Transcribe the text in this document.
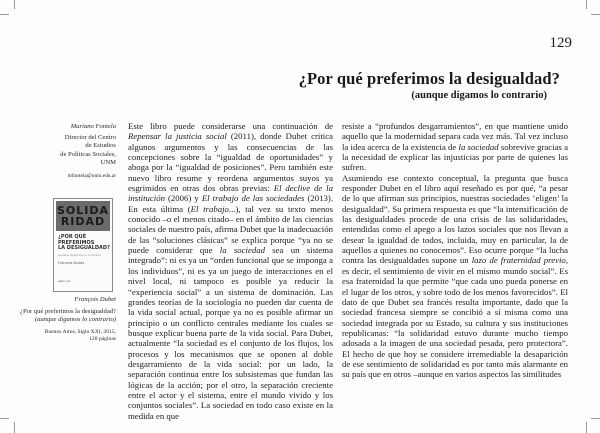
129
¿Por qué preferimos la desigualdad?
(aunque digamos lo contrario)
Mariano Fontela
Director del Centro
de Estudios
de Políticas Sociales,
UNM
mfontela@unm.edu.ar
SOLIDA
RIDAD
¿POR QUÉ
PREFERIMOS
LA DESIGUALDAD?
aunque digamos lo contrario
François Dubet
siglo xxi
François Dubet
¿Por qué preferimos la desigualdad?
(aunque digamos lo contrario)
Buenos Aires, Siglo XXI, 2015,
128 páginas

Este libro puede considerarse una continuación de Repensar la justicia social (2011), donde Dubet critica algunos argumentos y las consecuencias de las concepciones sobre la “igualdad de oportunidades” y aboga por la “igualdad de posiciones”. Pero también este nuevo libro resume y reordena argumentos suyos ya esgrimidos en otras dos obras previas: El declive de la institución (2006) y El trabajo de las sociedades (2013). En esta última (El trabajo...), tal vez su texto menos conocido –o el menos citado– en el ámbito de las ciencias sociales de nuestro país, afirma Dubet que la inadecuación de las “soluciones clásicas” se explica porque “ya no se puede considerar que la sociedad sea un sistema integrado”: ni es ya un “orden funcional que se imponga a los individuos”, ni es ya un juego de interacciones en el nivel local, ni tampoco es posible ya reducir la “experiencia social” a un sistema de dominación. Las grandes teorías de la sociología no pueden dar cuenta de la vida social actual, porque ya no es posible afirmar un principio o un conflicto centrales mediante los cuales se busque explicar buena parte de la vida social. Para Dubet, actualmente “la sociedad es el conjunto de los flujos, los procesos y los mecanismos que se oponen al doble desgarramiento de la vida social: por un lado, la separación continua entre los subsistemas que fundan las lógicas de la acción; por el otro, la separación creciente entre el actor y el sistema, entre el mundo vivido y los conjuntos sociales”. La sociedad en todo caso existe en la medida en que

resiste a “profundos desgarramientos”, en que mantiene unido aquello que la modernidad separa cada vez más. Tal vez incluso la idea acerca de la existencia de la sociedad sobrevive gracias a la necesidad de explicar las injusticias por parte de quienes las sufren.

Asumiendo ese contexto conceptual, la pregunta que busca responder Dubet en el libro aquí reseñado es por qué, “a pesar de lo que afirman sus principios, nuestras sociedades ‘eligen’ la desigualdad”. Su primera respuesta es que “la intensificación de las desigualdades procede de una crisis de las solidaridades, entendidas como el apego a los lazos sociales que nos llevan a desear la igualdad de todos, incluida, muy en particular, la de aquellos a quienes no conocemos”. Eso ocurre porque “la lucha contra las desigualdades supone un lazo de fraternidad previo, es decir, el sentimiento de vivir en el mismo mundo social”. Es esa fraternidad la que permite “que cada uno pueda ponerse en el lugar de los otros, y sobre todo de los menos favorecidos”. El dato de que Dubet sea francés resulta importante, dado que la sociedad francesa siempre se concibió a sí misma como una sociedad integrada por su Estado, su cultura y sus instituciones republicanas: “la solidaridad estuvo durante mucho tiempo adosada a la imagen de una sociedad pesada, pero protectora”. El hecho de que hoy se considere irremediable la desaparición de ese sentimiento de solidaridad es por tanto más alarmante en su país que en otros –aunque en varios aspectos las similitudes
